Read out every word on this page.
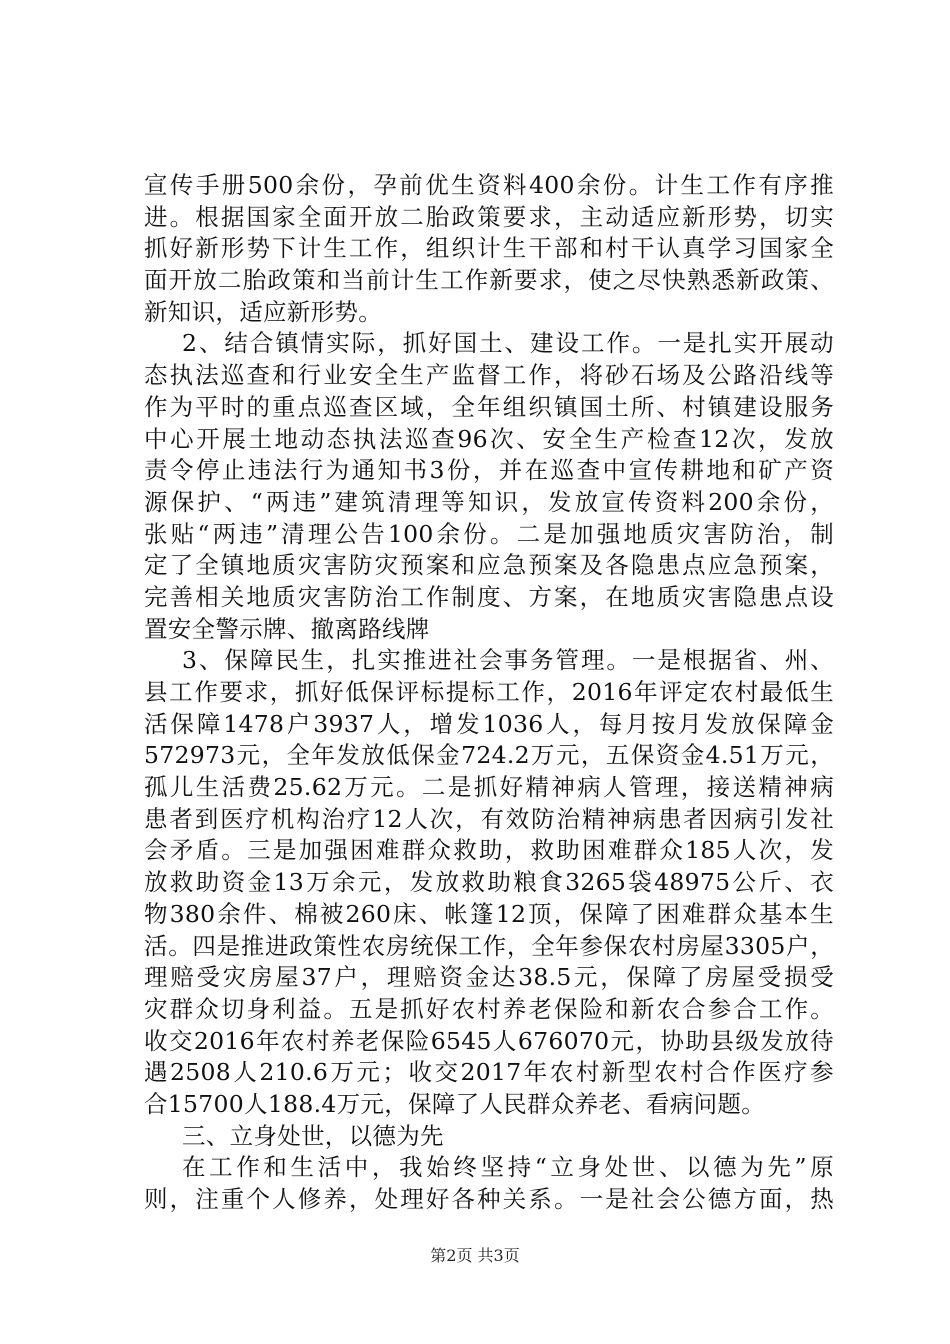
宣传手册500余份，孕前优生资料400余份。计生工作有序推
进。根据国家全面开放二胎政策要求，主动适应新形势，切实
抓好新形势下计生工作，组织计生干部和村干认真学习国家全
面开放二胎政策和当前计生工作新要求，使之尽快熟悉新政策、
新知识，适应新形势。
2、结合镇情实际，抓好国土、建设工作。一是扎实开展动
态执法巡查和行业安全生产监督工作，将砂石场及公路沿线等
作为平时的重点巡查区域，全年组织镇国土所、村镇建设服务
中心开展土地动态执法巡查96次、安全生产检查12次，发放
责令停止违法行为通知书3份，并在巡查中宣传耕地和矿产资
源保护、“两违”建筑清理等知识，发放宣传资料200余份，
张贴“两违”清理公告100余份。二是加强地质灾害防治，制
定了全镇地质灾害防灾预案和应急预案及各隐患点应急预案，
完善相关地质灾害防治工作制度、方案，在地质灾害隐患点设
置安全警示牌、撤离路线牌
3、保障民生，扎实推进社会事务管理。一是根据省、州、
县工作要求，抓好低保评标提标工作，2016年评定农村最低生
活保障1478户3937人，增发1036人，每月按月发放保障金
572973元，全年发放低保金724.2万元，五保资金4.51万元，
孤儿生活费25.62万元。二是抓好精神病人管理，接送精神病
患者到医疗机构治疗12人次，有效防治精神病患者因病引发社
会矛盾。三是加强困难群众救助，救助困难群众185人次，发
放救助资金13万余元，发放救助粮食3265袋48975公斤、衣
物380余件、棉被260床、帐篷12顶，保障了困难群众基本生
活。四是推进政策性农房统保工作，全年参保农村房屋3305户，
理赔受灾房屋37户，理赔资金达38.5元，保障了房屋受损受
灾群众切身利益。五是抓好农村养老保险和新农合参合工作。
收交2016年农村养老保险6545人676070元，协助县级发放待
遇2508人210.6万元；收交2017年农村新型农村合作医疗参
合15700人188.4万元，保障了人民群众养老、看病问题。
三、立身处世，以德为先
在工作和生活中，我始终坚持“立身处世、以德为先”原
则，注重个人修养，处理好各种关系。一是社会公德方面，热
第2页 共3页
